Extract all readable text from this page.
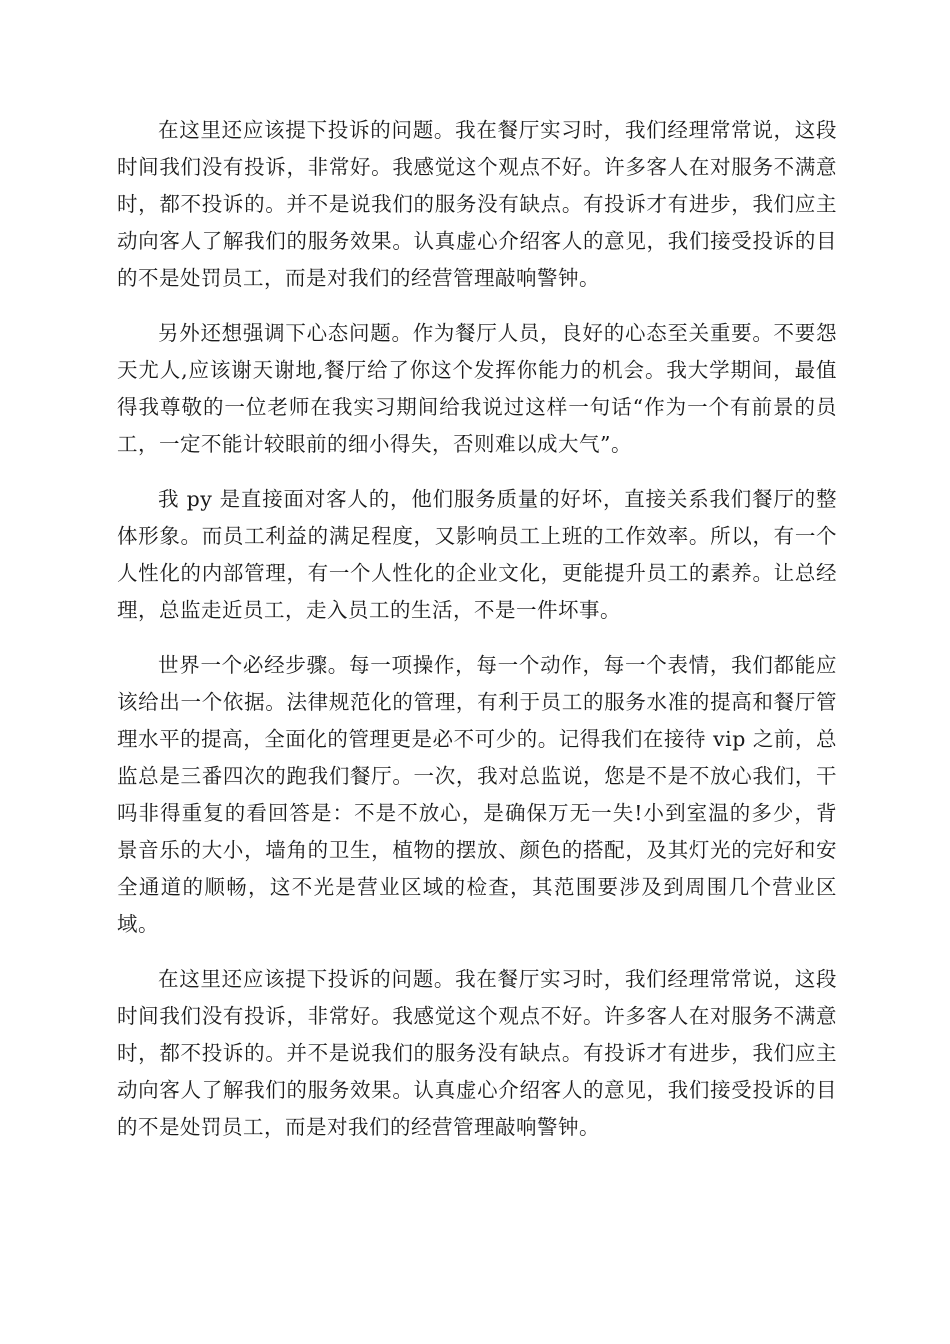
在这里还应该提下投诉的问题。我在餐厅实习时，我们经理常常说，这段时间我们没有投诉，非常好。我感觉这个观点不好。许多客人在对服务不满意时，都不投诉的。并不是说我们的服务没有缺点。有投诉才有进步，我们应主动向客人了解我们的服务效果。认真虚心介绍客人的意见，我们接受投诉的目的不是处罚员工，而是对我们的经营管理敲响警钟。

另外还想强调下心态问题。作为餐厅人员，良好的心态至关重要。不要怨天尤人,应该谢天谢地,餐厅给了你这个发挥你能力的机会。我大学期间，最值得我尊敬的一位老师在我实习期间给我说过这样一句话“作为一个有前景的员工，一定不能计较眼前的细小得失，否则难以成大气”。

我 py 是直接面对客人的，他们服务质量的好坏，直接关系我们餐厅的整体形象。而员工利益的满足程度，又影响员工上班的工作效率。所以，有一个人性化的内部管理，有一个人性化的企业文化，更能提升员工的素养。让总经理，总监走近员工，走入员工的生活，不是一件坏事。

世界一个必经步骤。每一项操作，每一个动作，每一个表情，我们都能应该给出一个依据。法律规范化的管理，有利于员工的服务水准的提高和餐厅管理水平的提高，全面化的管理更是必不可少的。记得我们在接待 vip 之前，总监总是三番四次的跑我们餐厅。一次，我对总监说，您是不是不放心我们，干吗非得重复的看回答是：不是不放心，是确保万无一失!小到室温的多少，背景音乐的大小，墙角的卫生，植物的摆放、颜色的搭配，及其灯光的完好和安全通道的顺畅，这不光是营业区域的检查，其范围要涉及到周围几个营业区域。

在这里还应该提下投诉的问题。我在餐厅实习时，我们经理常常说，这段时间我们没有投诉，非常好。我感觉这个观点不好。许多客人在对服务不满意时，都不投诉的。并不是说我们的服务没有缺点。有投诉才有进步，我们应主动向客人了解我们的服务效果。认真虚心介绍客人的意见，我们接受投诉的目的不是处罚员工，而是对我们的经营管理敲响警钟。
